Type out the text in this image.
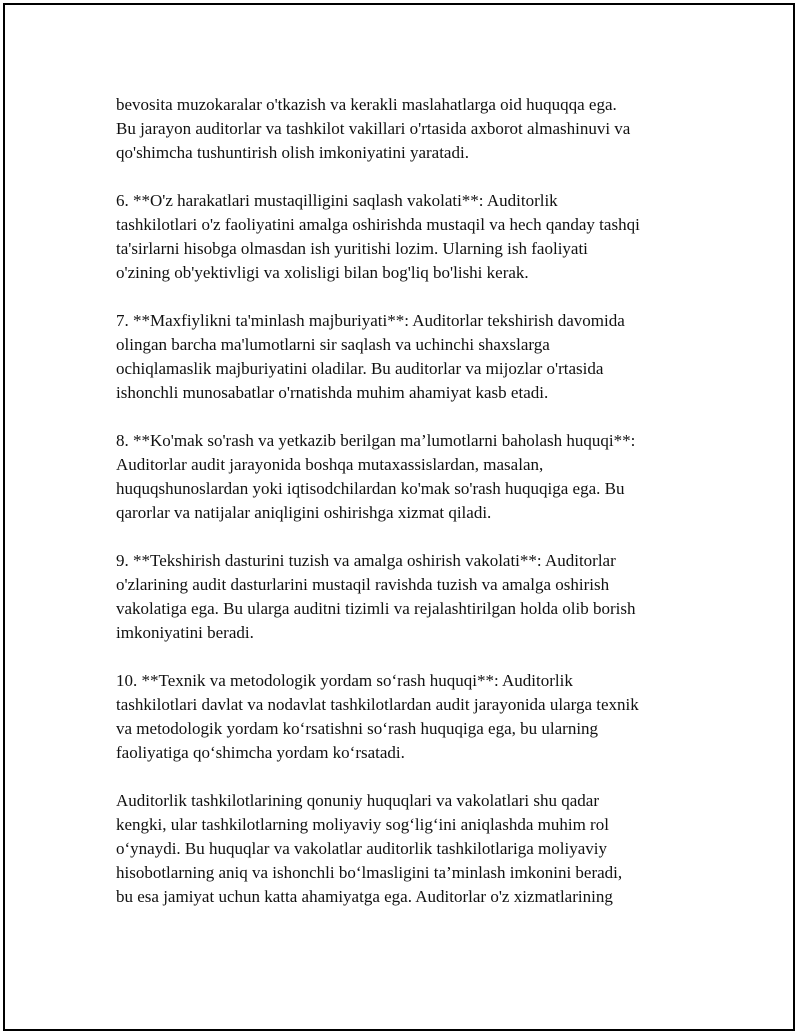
bevosita muzokaralar o'tkazish va kerakli maslahatlarga oid huquqqa ega.
Bu jarayon auditorlar va tashkilot vakillari o'rtasida axborot almashinuvi va
qo'shimcha tushuntirish olish imkoniyatini yaratadi.
6. **O'z harakatlari mustaqilligini saqlash vakolati**: Auditorlik
tashkilotlari o'z faoliyatini amalga oshirishda mustaqil va hech qanday tashqi
ta'sirlarni hisobga olmasdan ish yuritishi lozim. Ularning ish faoliyati
o'zining ob'yektivligi va xolisligi bilan bog'liq bo'lishi kerak.
7. **Maxfiylikni ta'minlash majburiyati**: Auditorlar tekshirish davomida
olingan barcha ma'lumotlarni sir saqlash va uchinchi shaxslarga
ochiqlamaslik majburiyatini oladilar. Bu auditorlar va mijozlar o'rtasida
ishonchli munosabatlar o'rnatishda muhim ahamiyat kasb etadi.
8. **Ko'mak so'rash va yetkazib berilgan ma’lumotlarni baholash huquqi**:
Auditorlar audit jarayonida boshqa mutaxassislardan, masalan,
huquqshunoslardan yoki iqtisodchilardan ko'mak so'rash huquqiga ega. Bu
qarorlar va natijalar aniqligini oshirishga xizmat qiladi.
9. **Tekshirish dasturini tuzish va amalga oshirish vakolati**: Auditorlar
o'zlarining audit dasturlarini mustaqil ravishda tuzish va amalga oshirish
vakolatiga ega. Bu ularga auditni tizimli va rejalashtirilgan holda olib borish
imkoniyatini beradi.
10. **Texnik va metodologik yordam so‘rash huquqi**: Auditorlik
tashkilotlari davlat va nodavlat tashkilotlardan audit jarayonida ularga texnik
va metodologik yordam ko‘rsatishni so‘rash huquqiga ega, bu ularning
faoliyatiga qo‘shimcha yordam ko‘rsatadi.
Auditorlik tashkilotlarining qonuniy huquqlari va vakolatlari shu qadar
kengki, ular tashkilotlarning moliyaviy sog‘lig‘ini aniqlashda muhim rol
o‘ynaydi. Bu huquqlar va vakolatlar auditorlik tashkilotlariga moliyaviy
hisobotlarning aniq va ishonchli bo‘lmasligini ta’minlash imkonini beradi,
bu esa jamiyat uchun katta ahamiyatga ega. Auditorlar o'z xizmatlarining
